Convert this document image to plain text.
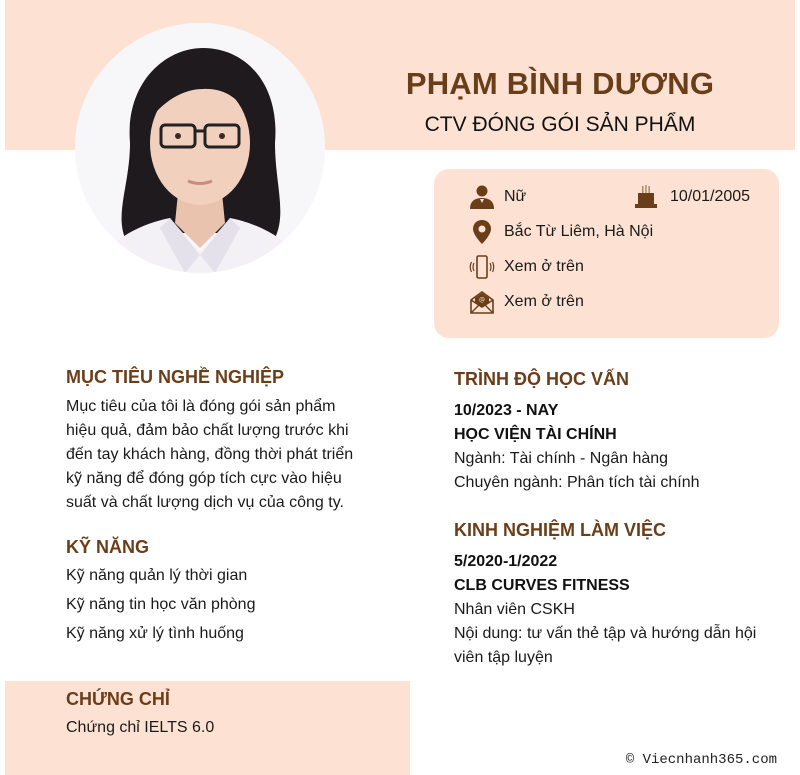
PHẠM BÌNH DƯƠNG
CTV ĐÓNG GÓI SẢN PHẨM
Nữ	10/01/2005
Bắc Từ Liêm, Hà Nội
Xem ở trên
@ Xem ở trên
MỤC TIÊU NGHỀ NGHIỆP
Mục tiêu của tôi là đóng gói sản phẩm
hiệu quả, đảm bảo chất lượng trước khi
đến tay khách hàng, đồng thời phát triển
kỹ năng để đóng góp tích cực vào hiệu
suất và chất lượng dịch vụ của công ty.
KỸ NĂNG
Kỹ năng quản lý thời gian
Kỹ năng tin học văn phòng
Kỹ năng xử lý tình huống
CHỨNG CHỈ
Chứng chỉ IELTS 6.0
TRÌNH ĐỘ HỌC VẤN
10/2023 - NAY
HỌC VIỆN TÀI CHÍNH
Ngành: Tài chính - Ngân hàng
Chuyên ngành: Phân tích tài chính
KINH NGHIỆM LÀM VIỆC
5/2020-1/2022
CLB CURVES FITNESS
Nhân viên CSKH
Nội dung: tư vấn thẻ tập và hướng dẫn hội
viên tập luyện
© Viecnhanh365.com
